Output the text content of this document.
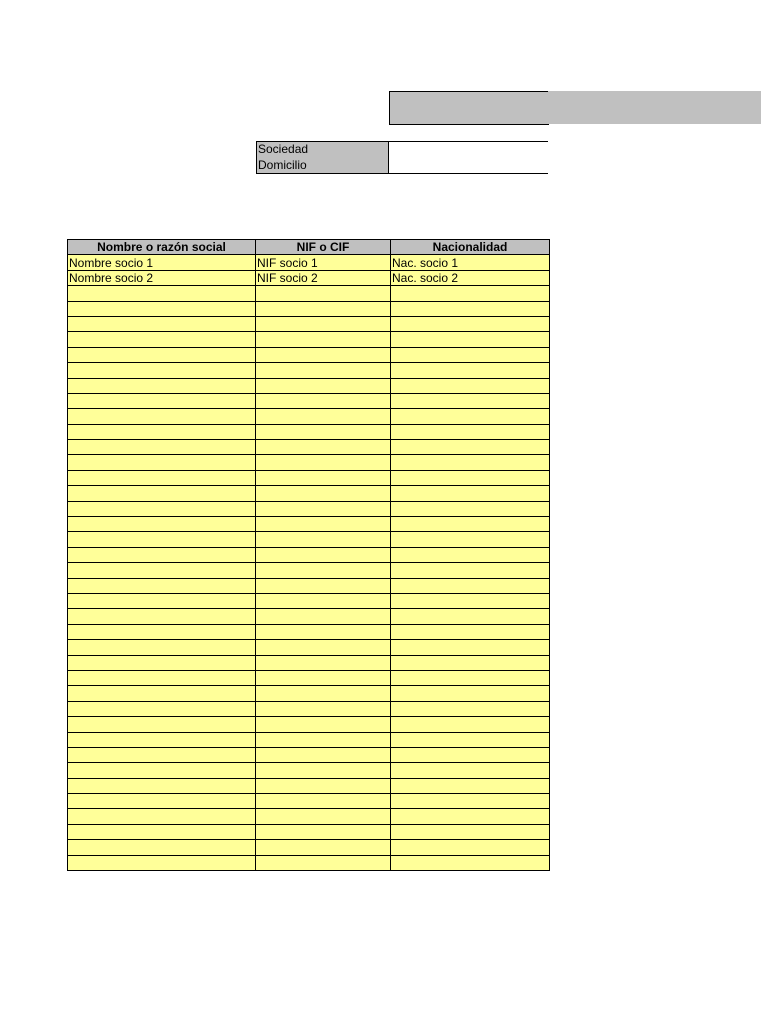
Sociedad
Domicilio
Nombre o razón social	NIF o CIF	Nacionalidad
Nombre socio 1	NIF socio 1	Nac. socio 1
Nombre socio 2	NIF socio 2	Nac. socio 2
